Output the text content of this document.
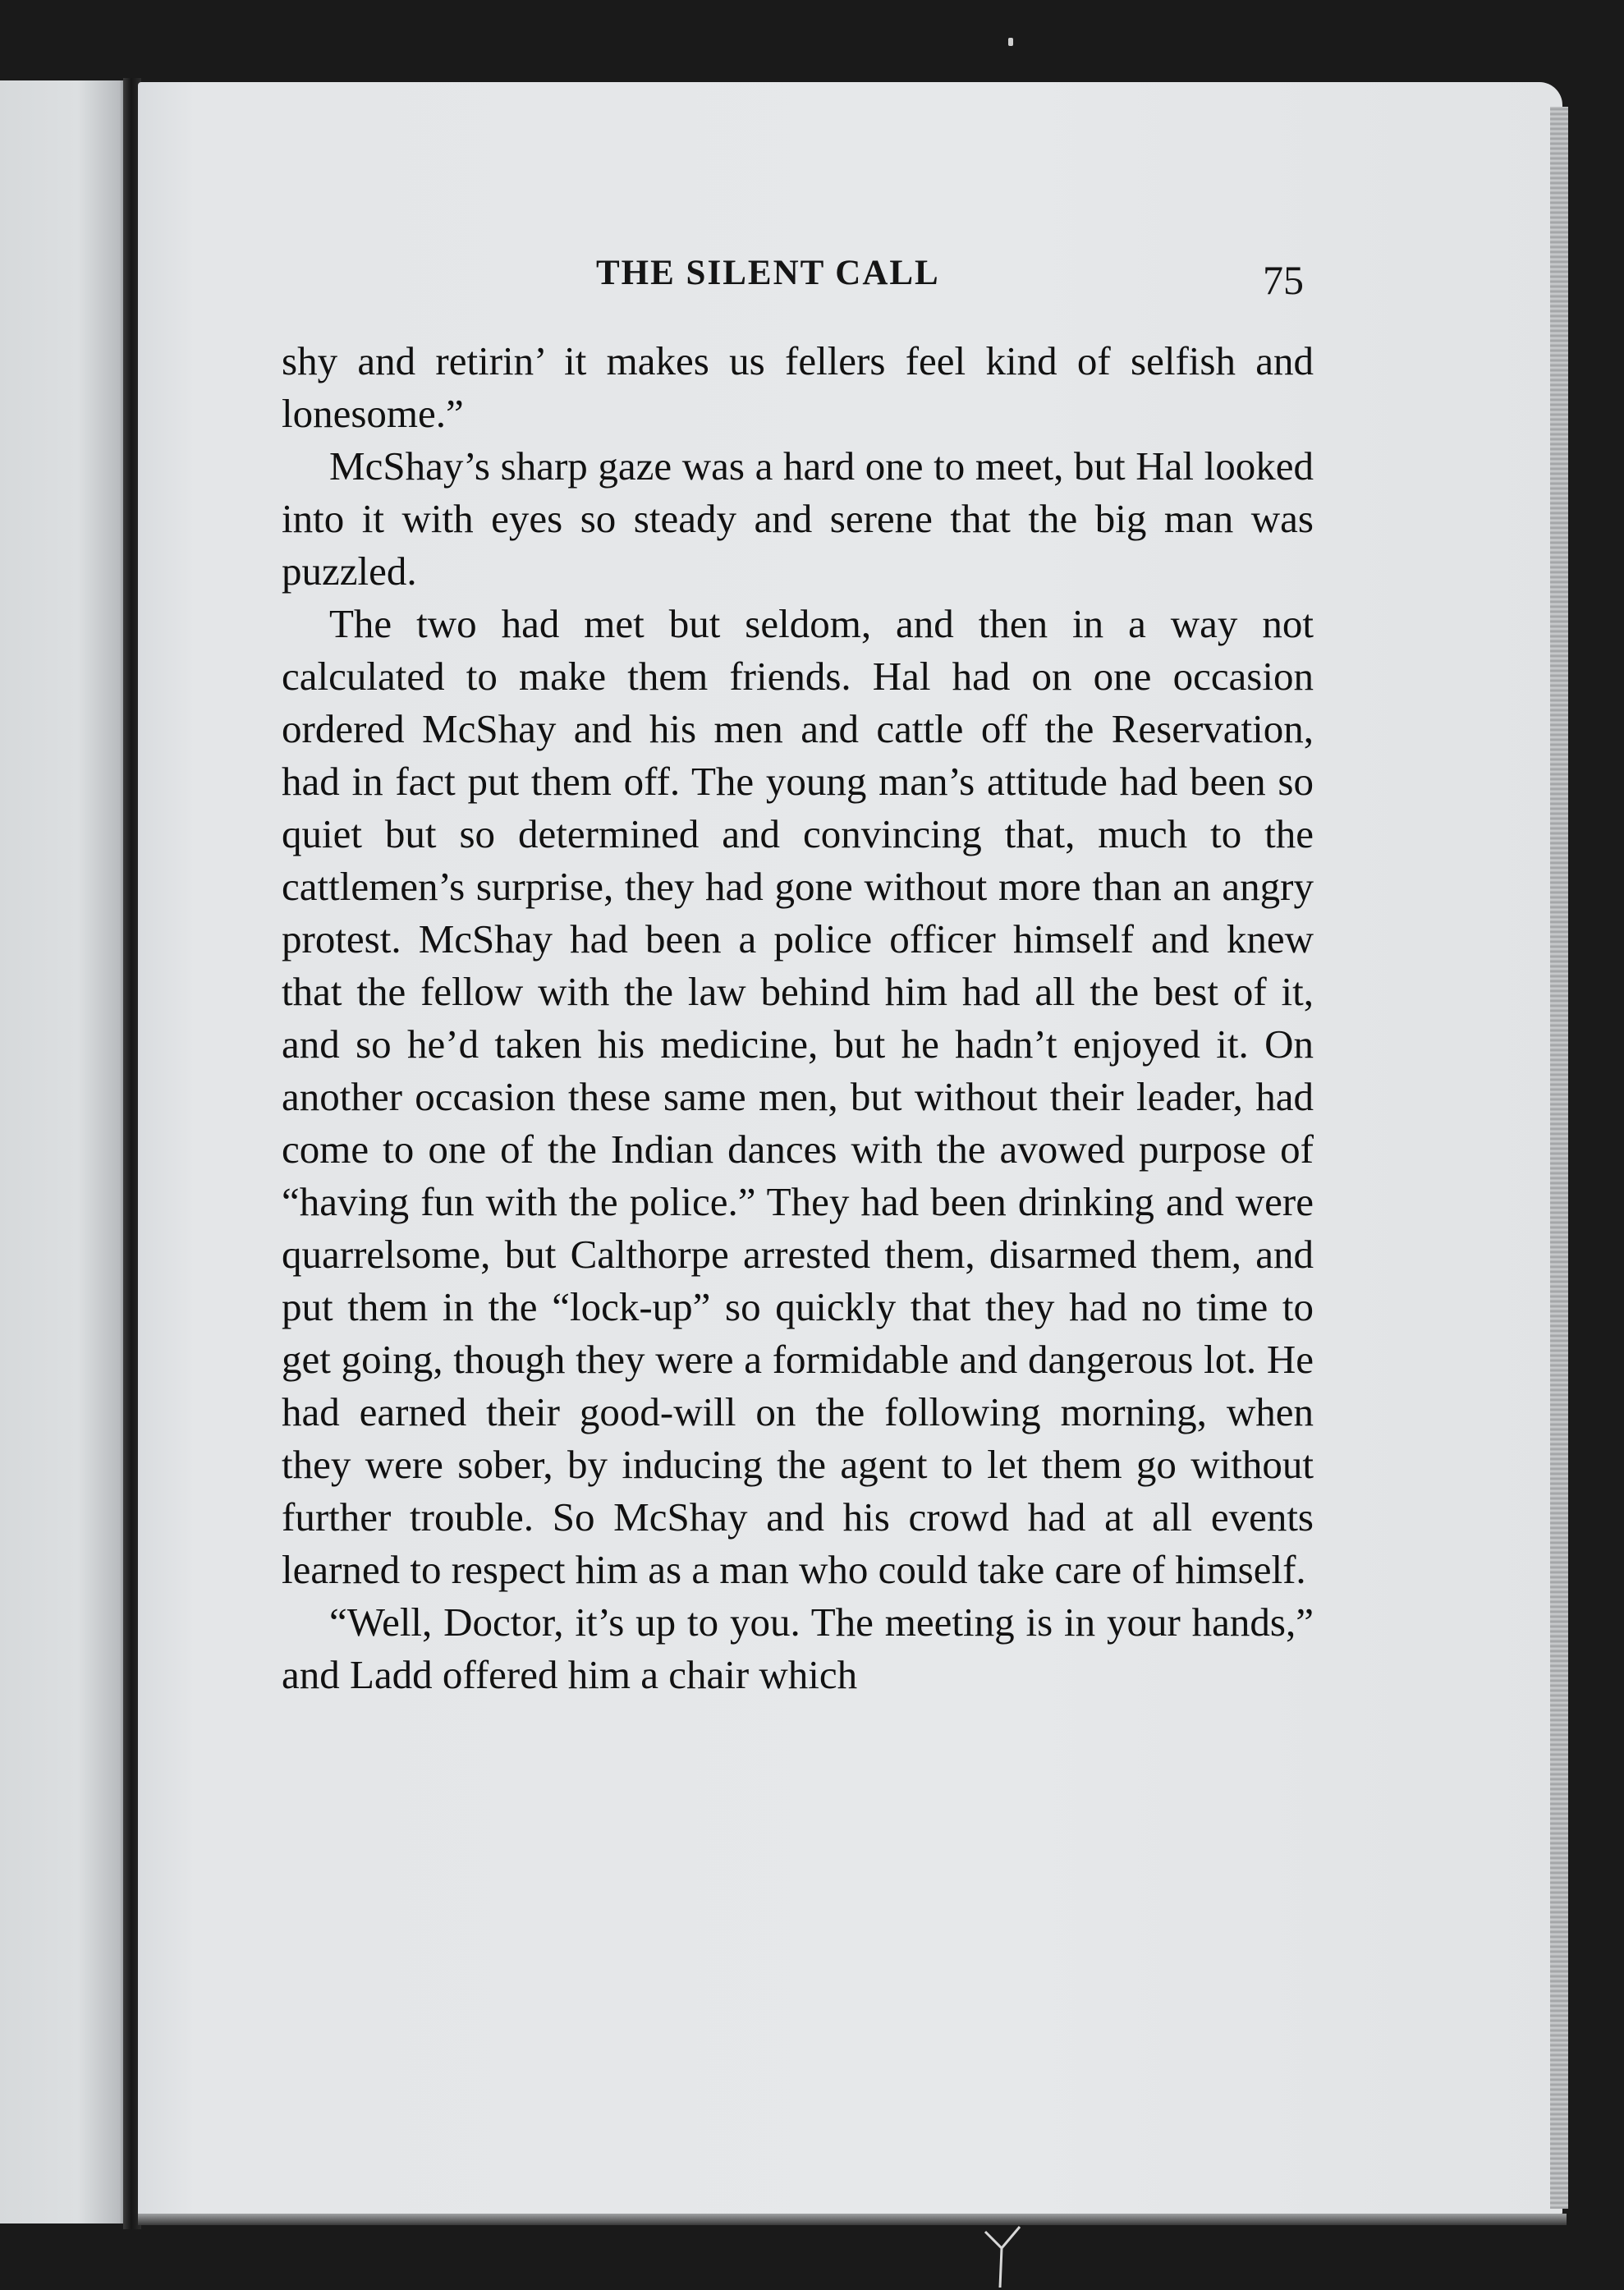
THE SILENT CALL	75

shy and retirin’ it makes us fellers feel kind of selfish and lonesome.”

McShay’s sharp gaze was a hard one to meet, but Hal looked into it with eyes so steady and serene that the big man was puzzled.

The two had met but seldom, and then in a way not calculated to make them friends. Hal had on one occasion ordered McShay and his men and cattle off the Reservation, had in fact put them off. The young man’s attitude had been so quiet but so determined and convincing that, much to the cattlemen’s surprise, they had gone without more than an angry protest. McShay had been a police officer himself and knew that the fellow with the law behind him had all the best of it, and so he’d taken his medicine, but he hadn’t enjoyed it. On another occasion these same men, but without their leader, had come to one of the Indian dances with the avowed purpose of “having fun with the police.” They had been drinking and were quarrelsome, but Calthorpe arrested them, disarmed them, and put them in the “lock-up” so quickly that they had no time to get going, though they were a formidable and dangerous lot. He had earned their good-will on the following morning, when they were sober, by inducing the agent to let them go without further trouble. So McShay and his crowd had at all events learned to respect him as a man who could take care of himself.

“Well, Doctor, it’s up to you. The meeting is in your hands,” and Ladd offered him a chair which
